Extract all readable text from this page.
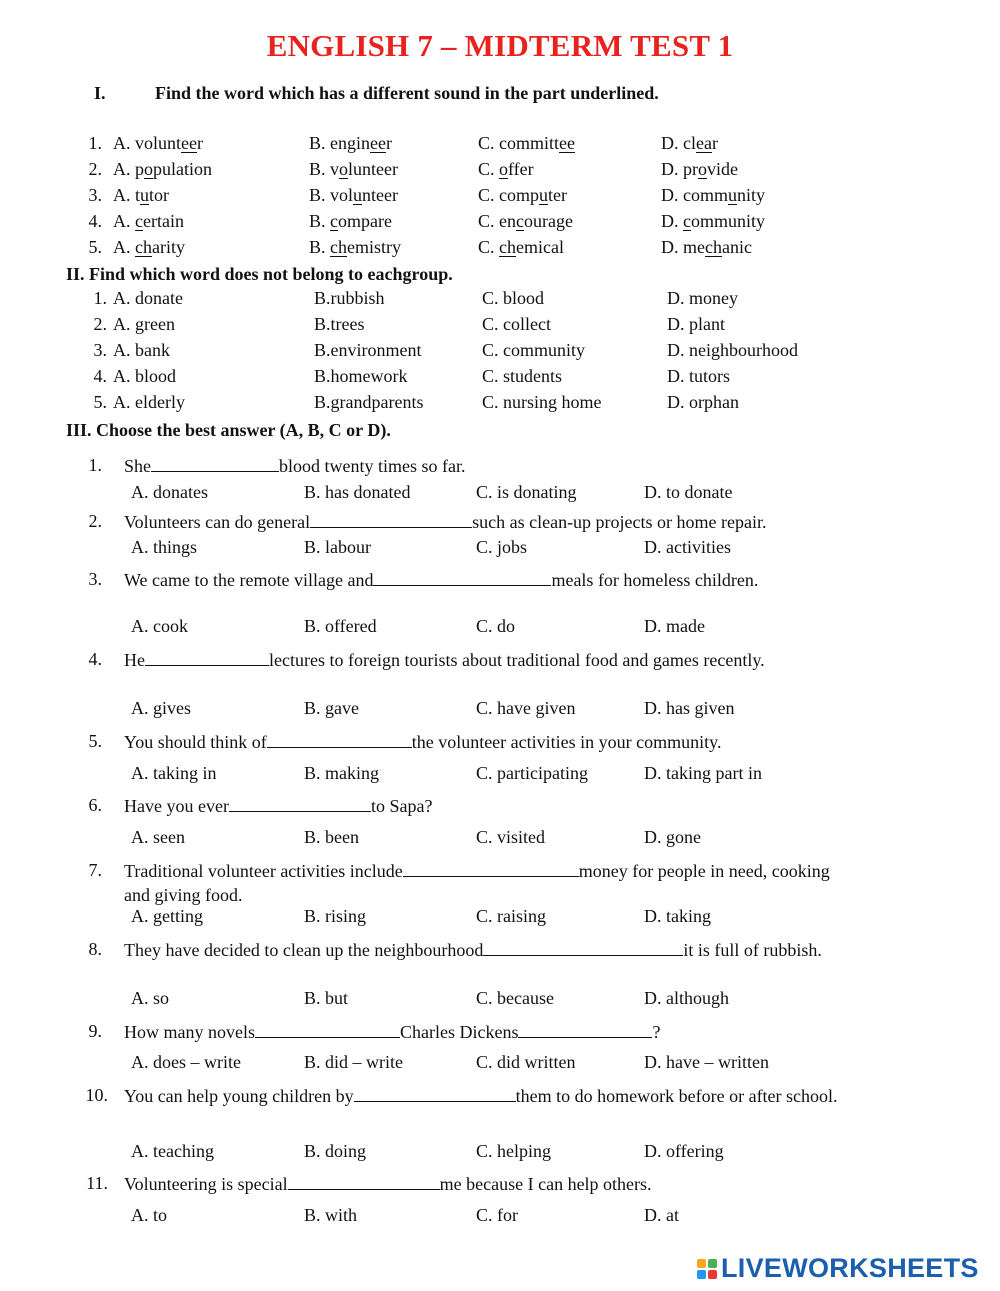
ENGLISH 7 – MIDTERM TEST 1
I.	Find the word which has a different sound in the part underlined.
1. A. volunteer	B. engineer	C. committee	D. clear
2. A. population	B. volunteer	C. offer	D. provide
3. A. tutor	B. volunteer	C. computer	D. community
4. A. certain	B. compare	C. encourage	D. community
5. A. charity	B. chemistry	C. chemical	D. mechanic
II. Find which word does not belong to eachgroup.
1. A. donate	B.rubbish	C. blood	D. money
2. A. green	B.trees	C. collect	D. plant
3. A. bank	B.environment	C. community	D. neighbourhood
4. A. blood	B.homework	C. students	D. tutors
5. A. elderly	B.grandparents	C. nursing home	D. orphan
III. Choose the best answer (A, B, C or D).
1. She	blood twenty times so far.
A. donates	B. has donated	C. is donating	D. to donate
2. Volunteers can do general	such as clean-up projects or home repair.
A. things	B. labour	C. jobs	D. activities
3. We came to the remote village and	meals for homeless children.
A. cook	B. offered	C. do	D. made
4. He	lectures to foreign tourists about traditional food and games recently.
A. gives	B. gave	C. have given	D. has given
5. You should think of	the volunteer activities in your community.
A. taking in	B. making	C. participating	D. taking part in
6. Have you ever	to Sapa?
A. seen	B. been	C. visited	D. gone
7. Traditional volunteer activities include	money for people in need, cooking
and giving food.
A. getting	B. rising	C. raising	D. taking
8. They have decided to clean up the neighbourhood	it is full of rubbish.
A. so	B. but	C. because	D. although
9. How many novels	Charles Dickens	?
A. does – write	B. did – write	C. did written	D. have – written
10. You can help young children by	them to do homework before or after school.
A. teaching	B. doing	C. helping	D. offering
11. Volunteering is special	me because I can help others.
A. to	B. with	C. for	D. at
LIVEWORKSHEETS
